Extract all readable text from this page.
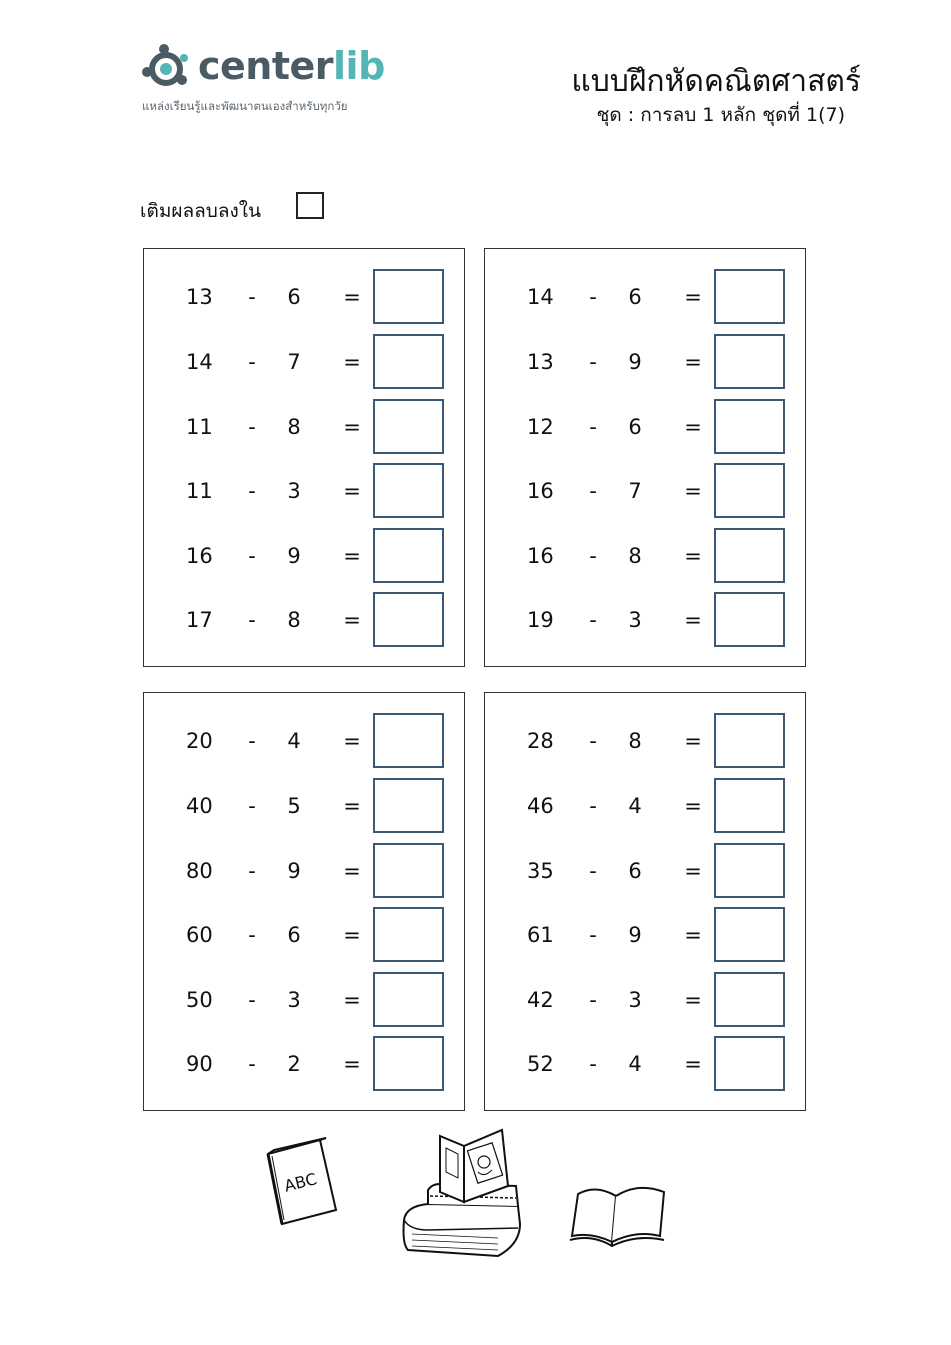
centerlib
แหล่งเรียนรู้และพัฒนาตนเองสำหรับทุกวัย
แบบฝึกหัดคณิตศาสตร์
ชุด : การลบ 1 หลัก ชุดที่ 1(7)
เติมผลลบลงใน
13	- 6 =
14	- 7 =
11	- 8 =
11	- 3 =
16	- 9 =
17	- 8 =
14	- 6 =
13	- 9 =
12	- 6 =
16	- 7 =
16	- 8 =
19	- 3 =
20	- 4 =
40	- 5 =
80	- 9 =
60	- 6 =
50	- 3 =
90	- 2 =
28	- 8 =
46	- 4 =
35	- 6 =
61	- 9 =
42	- 3 =
52	- 4 =
ABC
